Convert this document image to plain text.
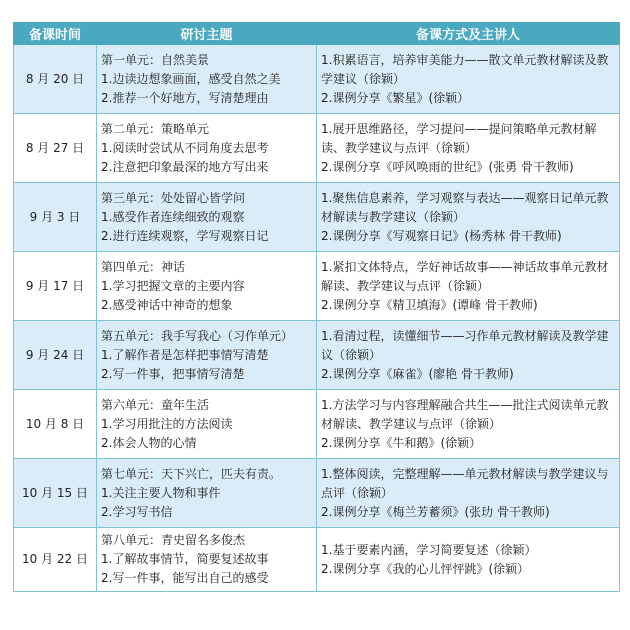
备课时间	研讨主题	备课方式及主讲人
8 月 20 日	第一单元：自然美景
1.边读边想象画面，感受自然之美
2.推荐一个好地方，写清楚理由	1.积累语言，培养审美能力——散文单元教材解读及教学建议（徐颖）
2.课例分享《繁星》(徐颖）

8 月 27 日	第二单元：策略单元
1.阅读时尝试从不同角度去思考
2.注意把印象最深的地方写出来	1.展开思维路径，学习提问——提问策略单元教材解读、教学建议与点评（徐颖）
2.课例分享《呼风唤雨的世纪》(张勇 骨干教师)

9 月 3 日	第三单元：处处留心皆学问
1.感受作者连续细致的观察
2.进行连续观察，学写观察日记	1.聚焦信息素养，学习观察与表达——观察日记单元教材解读与教学建议（徐颖）
2.课例分享《写观察日记》(杨秀林 骨干教师)

9 月 17 日	第四单元：神话
1.学习把握文章的主要内容
2.感受神话中神奇的想象	1.紧扣文体特点，学好神话故事——神话故事单元教材解读、教学建议与点评（徐颖）
2.课例分享《精卫填海》(谭峰 骨干教师)

9 月 24 日	第五单元：我手写我心（习作单元）
1.了解作者是怎样把事情写清楚
2.写一件事，把事情写清楚	1.看清过程，读懂细节——习作单元教材解读及教学建议（徐颖）
2.课例分享《麻雀》(廖艳 骨干教师)

10 月 8 日	第六单元：童年生活
1.学习用批注的方法阅读
2.体会人物的心情	1.方法学习与内容理解融合共生——批注式阅读单元教材解读、教学建议与点评（徐颖）
2.课例分享《牛和鹅》(徐颖）

10 月 15 日	第七单元：天下兴亡，匹夫有责。
1.关注主要人物和事件
2.学习写书信	1.整体阅读，完整理解——单元教材解读与教学建议与点评（徐颖）
2.课例分享《梅兰芳蓄须》(张玏 骨干教师)

10 月 22 日	第八单元：青史留名多俊杰
1.了解故事情节，简要复述故事
2.写一件事，能写出自己的感受	1.基于要素内涵，学习简要复述（徐颖）
2.课例分享《我的心儿怦怦跳》(徐颖）
